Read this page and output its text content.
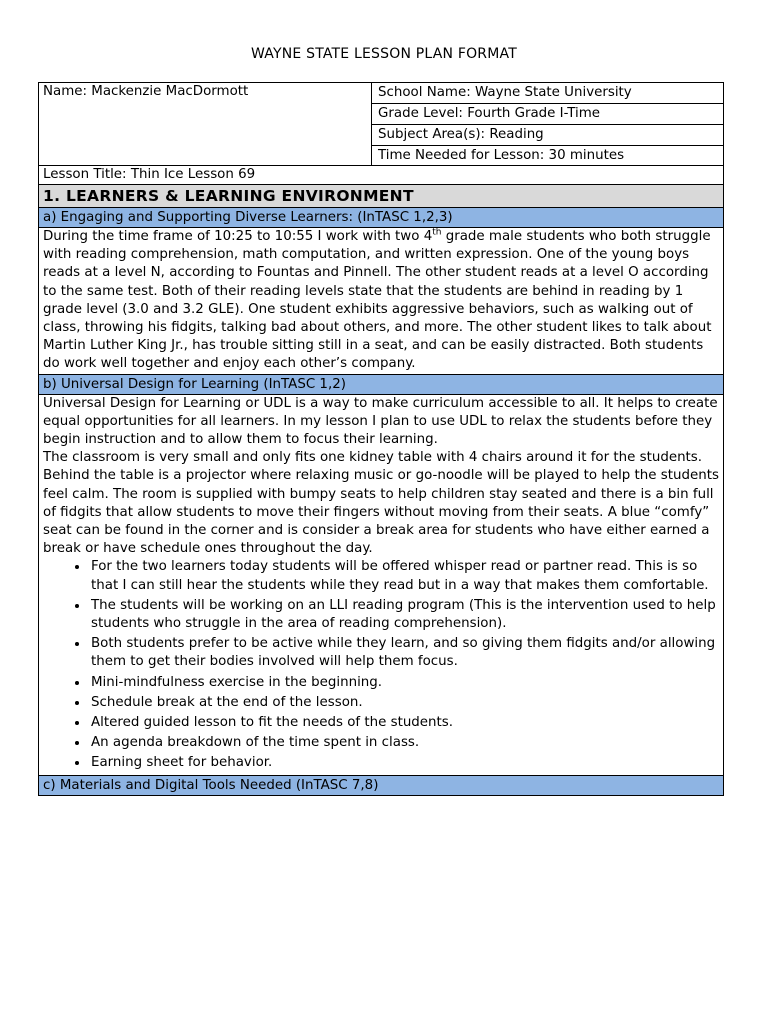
WAYNE STATE LESSON PLAN FORMAT
Name: Mackenzie MacDormott	School Name: Wayne State University
Grade Level: Fourth Grade I-Time
Subject Area(s): Reading
Time Needed for Lesson: 30 minutes

Lesson Title: Thin Ice Lesson 69
1. LEARNERS & LEARNING ENVIRONMENT
a) Engaging and Supporting Diverse Learners: (InTASC 1,2,3)

During the time frame of 10:25 to 10:55 I work with two 4th grade male students who both struggle with reading comprehension, math computation, and written expression. One of the young boys reads at a level N, according to Fountas and Pinnell. The other student reads at a level O according to the same test. Both of their reading levels state that the students are behind in reading by 1 grade level (3.0 and 3.2 GLE). One student exhibits aggressive behaviors, such as walking out of class, throwing his fidgits, talking bad about others, and more. The other student likes to talk about Martin Luther King Jr., has trouble sitting still in a seat, and can be easily distracted. Both students do work well together and enjoy each other’s company.

b) Universal Design for Learning (InTASC 1,2)

Universal Design for Learning or UDL is a way to make curriculum accessible to all. It helps to create equal opportunities for all learners. In my lesson I plan to use UDL to relax the students before they begin instruction and to allow them to focus their learning.

The classroom is very small and only fits one kidney table with 4 chairs around it for the students. Behind the table is a projector where relaxing music or go-noodle will be played to help the students feel calm. The room is supplied with bumpy seats to help children stay seated and there is a bin full of fidgits that allow students to move their fingers without moving from their seats. A blue “comfy” seat can be found in the corner and is consider a break area for students who have either earned a break or have schedule ones throughout the day.

• For the two learners today students will be offered whisper read or partner read. This is so that I can still hear the students while they read but in a way that makes them comfortable.
• The students will be working on an LLI reading program (This is the intervention used to help students who struggle in the area of reading comprehension).
• Both students prefer to be active while they learn, and so giving them fidgits and/or allowing them to get their bodies involved will help them focus.
• Mini-mindfulness exercise in the beginning.
• Schedule break at the end of the lesson.
• Altered guided lesson to fit the needs of the students.
• An agenda breakdown of the time spent in class.
• Earning sheet for behavior.

c) Materials and Digital Tools Needed (InTASC 7,8)
